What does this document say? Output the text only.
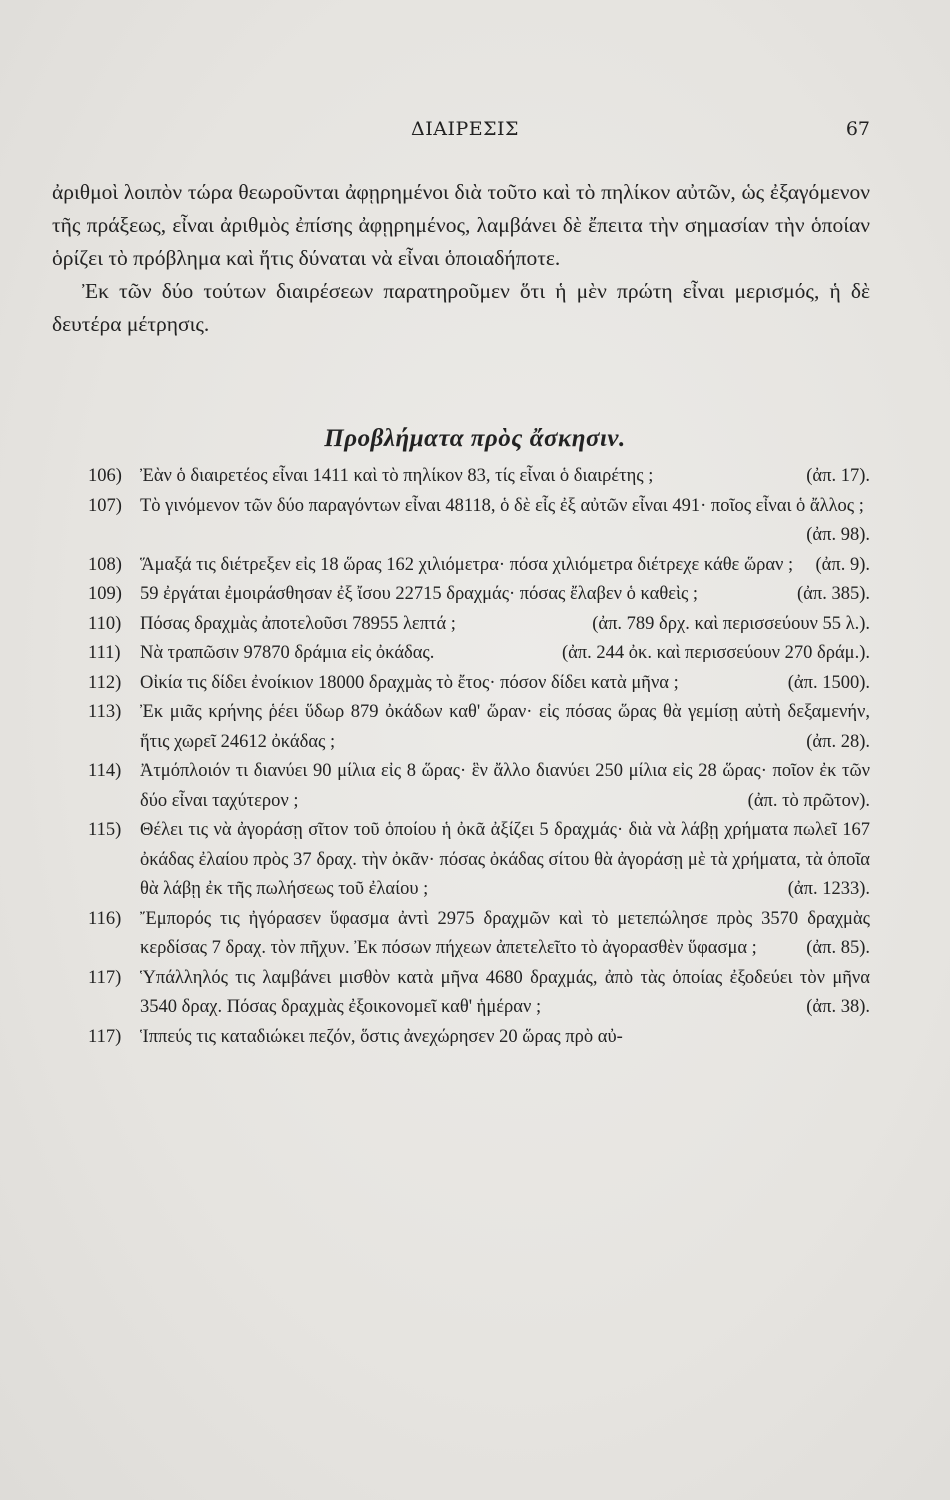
ΔΙΑΙΡΕΣΙΣ	67

ἀριθμοὶ λοιπὸν τώρα θεωροῦνται ἀφῃρημένοι διὰ τοῦτο καὶ τὸ πηλίκον αὐτῶν, ὡς ἐξαγόμενον τῆς πράξεως, εἶναι ἀριθμὸς ἐπίσης ἀφῃρημένος, λαμβάνει δὲ ἔπειτα τὴν σημασίαν τὴν ὁποίαν ὁρίζει τὸ πρόβλημα καὶ ἥτις δύναται νὰ εἶναι ὁποιαδήποτε.

Ἐκ τῶν δύο τούτων διαιρέσεων παρατηροῦμεν ὅτι ἡ μὲν πρώτη εἶναι μερισμός, ἡ δὲ δευτέρα μέτρησις.

Προβλήματα πρὸς ἄσκησιν.
106) Ἐὰν ὁ διαιρετέος εἶναι 1411 καὶ τὸ πηλίκον 83, τίς εἶναι ὁ διαιρέτης ;	(ἀπ. 17).
107) Τὸ γινόμενον τῶν δύο παραγόντων εἶναι 48118, ὁ δὲ εἷς ἐξ αὐτῶν εἶναι 491· ποῖος εἶναι ὁ ἄλλος ;
(ἀπ. 98).
108) Ἅμαξά τις διέτρεξεν εἰς 18 ὥρας 162 χιλιόμετρα· πόσα χιλιόμετρα διέτρεχε κάθε ὥραν ;	(ἀπ. 9).
109) 59 ἐργάται ἐμοιράσθησαν ἐξ ἴσου 22715 δραχμάς· πόσας ἔλαβεν ὁ καθεὶς ;	(ἀπ. 385).
110) Πόσας δραχμὰς ἀποτελοῦσι 78955 λεπτά ;	(ἀπ. 789 δρχ. καὶ περισσεύουν 55 λ.).
111) Νὰ τραπῶσιν 97870 δράμια εἰς ὀκάδας.	(ἀπ. 244 ὀκ. καὶ περισσεύουν 270 δράμ.).
112) Οἰκία τις δίδει ἐνοίκιον 18000 δραχμὰς τὸ ἔτος· πόσον δίδει κατὰ μῆνα ;	(ἀπ. 1500).
113) Ἐκ μιᾶς κρήνης ῥέει ὕδωρ 879 ὀκάδων καθ' ὥραν· εἰς πόσας ὥρας θὰ γεμίσῃ αὐτὴ δεξαμενήν, ἥτις χωρεῖ 24612 ὀκάδας ;	(ἀπ. 28).
114) Ἀτμόπλοιόν τι διανύει 90 μίλια εἰς 8 ὥρας· ἓν ἄλλο διανύει 250 μίλια εἰς 28 ὥρας· ποῖον ἐκ τῶν δύο εἶναι ταχύτερον ;	(ἀπ. τὸ πρῶτον).
115) Θέλει τις νὰ ἀγοράσῃ σῖτον τοῦ ὁποίου ἡ ὀκᾶ ἀξίζει 5 δραχμάς· διὰ νὰ λάβῃ χρήματα πωλεῖ 167 ὀκάδας ἐλαίου πρὸς 37 δραχ. τὴν ὀκᾶν· πόσας ὀκάδας σίτου θὰ ἀγοράσῃ μὲ τὰ χρήματα, τὰ ὁποῖα θὰ λάβῃ ἐκ τῆς πωλήσεως τοῦ ἐλαίου ;	(ἀπ. 1233).
116) Ἔμπορός τις ἠγόρασεν ὕφασμα ἀντὶ 2975 δραχμῶν καὶ τὸ μετεπώλησε πρὸς 3570 δραχμὰς κερδίσας 7 δραχ. τὸν πῆχυν. Ἐκ πόσων πήχεων ἀπετελεῖτο τὸ ἀγορασθὲν ὕφασμα ;	(ἀπ. 85).
117) Ὑπάλληλός τις λαμβάνει μισθὸν κατὰ μῆνα 4680 δραχμάς, ἀπὸ τὰς ὁποίας ἐξοδεύει τὸν μῆνα 3540 δραχ. Πόσας δραχμὰς ἐξοικονομεῖ καθ' ἡμέραν ;	(ἀπ. 38).
117) Ἱππεύς τις καταδιώκει πεζόν, ὅστις ἀνεχώρησεν 20 ὥρας πρὸ αὐ-
